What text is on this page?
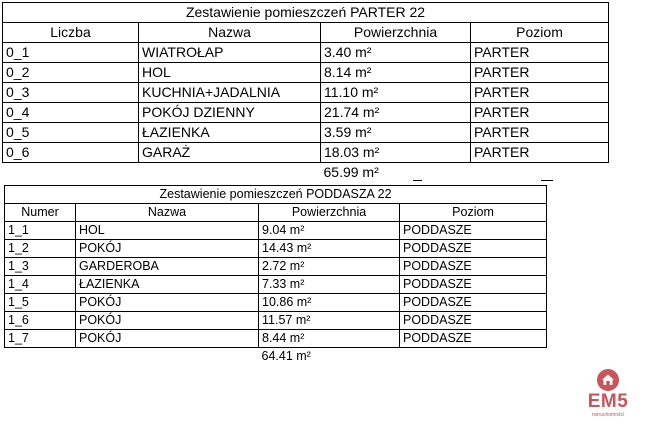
Zestawienie pomieszczeń PARTER 22			
Liczba	Nazwa	Powierzchnia	Poziom
0_1	WIATROŁAP	3.40 m²	PARTER
0_2	HOL	8.14 m²	PARTER
0_3	KUCHNIA+JADALNIA	11.10 m²	PARTER
0_4	POKÓJ DZIENNY	21.74 m²	PARTER
0_5	ŁAZIENKA	3.59 m²	PARTER
0_6	GARAŻ	18.03 m²	PARTER
		65.99 m²	
Zestawienie pomieszczeń PODDASZA 22			
Numer	Nazwa	Powierzchnia	Poziom
1_1	HOL	9.04 m²	PODDASZE
1_2	POKÓJ	14.43 m²	PODDASZE
1_3	GARDEROBA	2.72 m²	PODDASZE
1_4	ŁAZIENKA	7.33 m²	PODDASZE
1_5	POKÓJ	10.86 m²	PODDASZE
1_6	POKÓJ	11.57 m²	PODDASZE
1_7	POKÓJ	8.44 m²	PODDASZE
		64.41 m²	
EM5
nieruchomości
